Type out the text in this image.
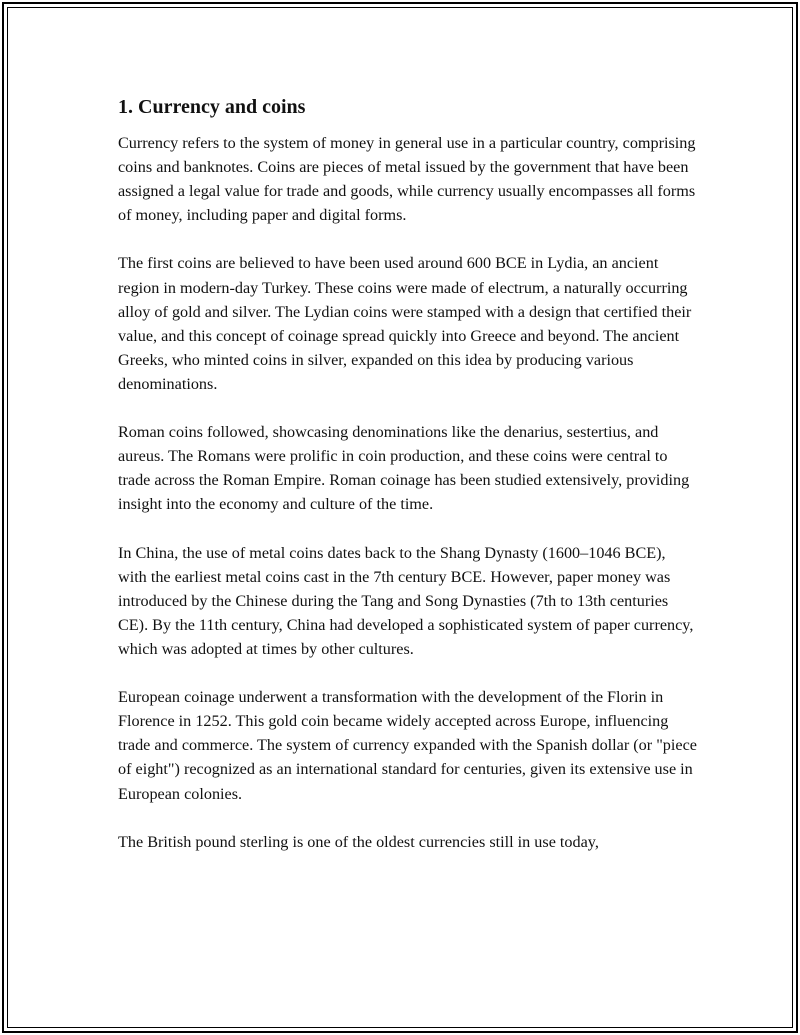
1. Currency and coins

Currency refers to the system of money in general use in a particular country, comprising coins and banknotes. Coins are pieces of metal issued by the government that have been assigned a legal value for trade and goods, while currency usually encompasses all forms of money, including paper and digital forms.

The first coins are believed to have been used around 600 BCE in Lydia, an ancient region in modern-day Turkey. These coins were made of electrum, a naturally occurring alloy of gold and silver. The Lydian coins were stamped with a design that certified their value, and this concept of coinage spread quickly into Greece and beyond. The ancient Greeks, who minted coins in silver, expanded on this idea by producing various denominations.

Roman coins followed, showcasing denominations like the denarius, sestertius, and aureus. The Romans were prolific in coin production, and these coins were central to trade across the Roman Empire. Roman coinage has been studied extensively, providing insight into the economy and culture of the time.

In China, the use of metal coins dates back to the Shang Dynasty (1600–1046 BCE), with the earliest metal coins cast in the 7th century BCE. However, paper money was introduced by the Chinese during the Tang and Song Dynasties (7th to 13th centuries CE). By the 11th century, China had developed a sophisticated system of paper currency, which was adopted at times by other cultures.

European coinage underwent a transformation with the development of the Florin in Florence in 1252. This gold coin became widely accepted across Europe, influencing trade and commerce. The system of currency expanded with the Spanish dollar (or "piece of eight") recognized as an international standard for centuries, given its extensive use in European colonies.

The British pound sterling is one of the oldest currencies still in use today,
